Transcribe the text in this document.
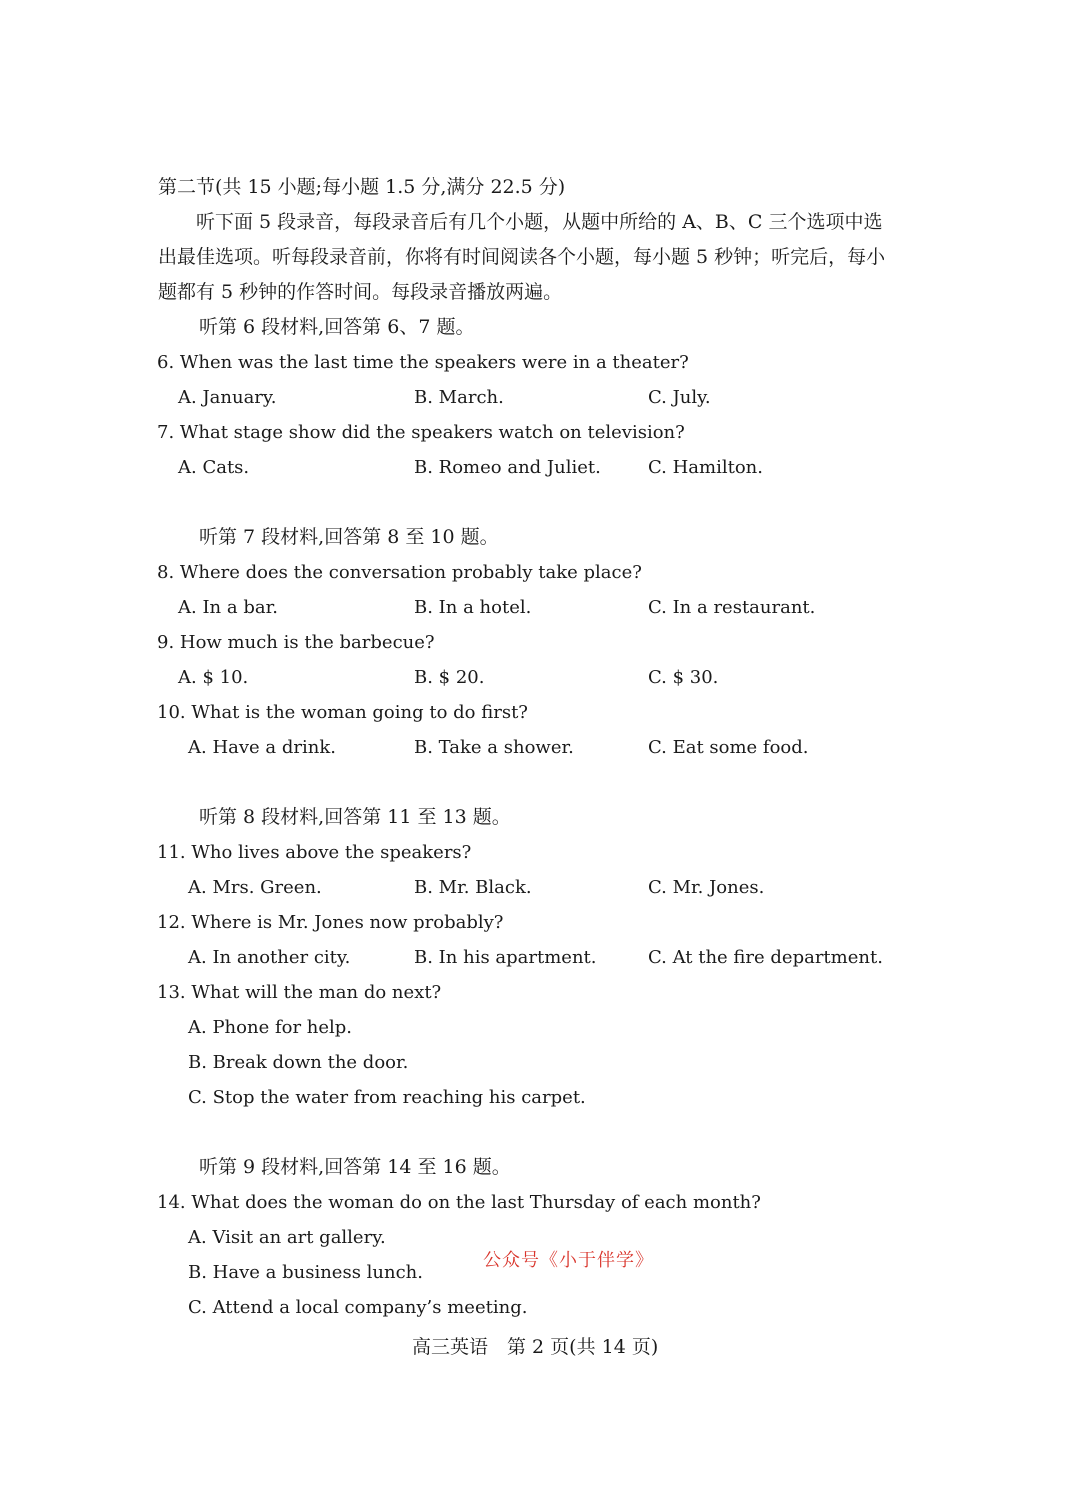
第二节(共 15 小题;每小题 1.5 分,满分 22.5 分)
听下面 5 段录音，每段录音后有几个小题，从题中所给的 A、B、C 三个选项中选
出最佳选项。听每段录音前，你将有时间阅读各个小题，每小题 5 秒钟；听完后，每小
题都有 5 秒钟的作答时间。每段录音播放两遍。
听第 6 段材料,回答第 6、7 题。
6. When was the last time the speakers were in a theater?
A. January.	B. March.	C. July.
7. What stage show did the speakers watch on television?
A. Cats.	B. Romeo and Juliet.	C. Hamilton.
听第 7 段材料,回答第 8 至 10 题。
8. Where does the conversation probably take place?
A. In a bar.	B. In a hotel.	C. In a restaurant.
9. How much is the barbecue?
A. $ 10.	B. $ 20.	C. $ 30.
10. What is the woman going to do first?
A. Have a drink.	B. Take a shower.	C. Eat some food.
听第 8 段材料,回答第 11 至 13 题。
11. Who lives above the speakers?
A. Mrs. Green.	B. Mr. Black.	C. Mr. Jones.
12. Where is Mr. Jones now probably?
A. In another city.	B. In his apartment.	C. At the fire department.
13. What will the man do next?
A. Phone for help.
B. Break down the door.
C. Stop the water from reaching his carpet.
听第 9 段材料,回答第 14 至 16 题。
14. What does the woman do on the last Thursday of each month?
A. Visit an art gallery.
B. Have a business lunch.
C. Attend a local company’s meeting.
公众号《小于伴学》
高三英语　第 2 页(共 14 页)
